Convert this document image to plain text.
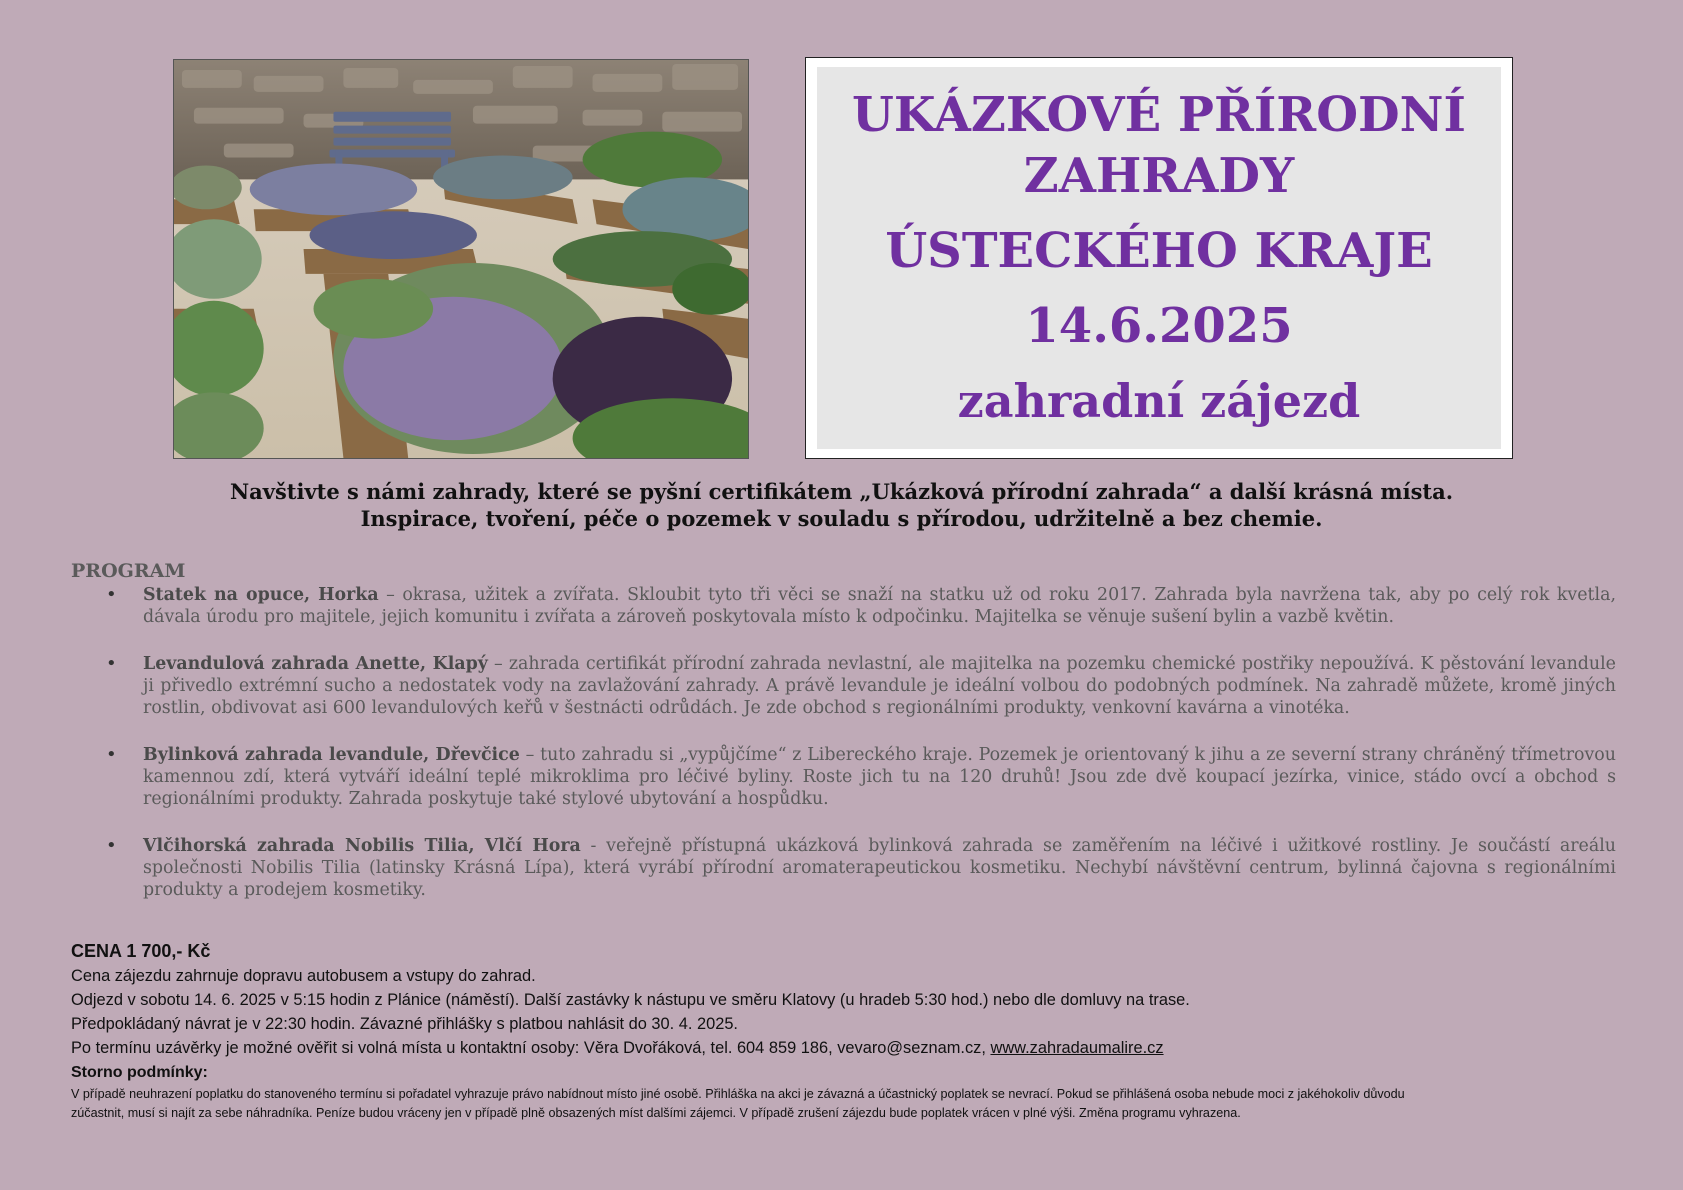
UKÁZKOVÉ PŘÍRODNÍ
ZAHRADY
ÚSTECKÉHO KRAJE
14.6.2025
zahradní zájezd
Navštivte s námi zahrady, které se pyšní certifikátem „Ukázková přírodní zahrada“ a další krásná místa.
Inspirace, tvoření, péče o pozemek v souladu s přírodou, udržitelně a bez chemie.
PROGRAM
• Statek na opuce, Horka – okrasa, užitek a zvířata. Skloubit tyto tři věci se snaží na statku už od roku 2017. Zahrada byla navržena tak, aby po celý rok kvetla, dávala úrodu pro majitele, jejich komunitu i zvířata a zároveň poskytovala místo k odpočinku. Majitelka se věnuje sušení bylin a vazbě květin.
• Levandulová zahrada Anette, Klapý – zahrada certifikát přírodní zahrada nevlastní, ale majitelka na pozemku chemické postřiky nepoužívá. K pěstování levandule ji přivedlo extrémní sucho a nedostatek vody na zavlažování zahrady. A právě levandule je ideální volbou do podobných podmínek. Na zahradě můžete, kromě jiných rostlin, obdivovat asi 600 levandulových keřů v šestnácti odrůdách. Je zde obchod s regionálními produkty, venkovní kavárna a vinotéka.
• Bylinková zahrada levandule, Dřevčice – tuto zahradu si „vypůjčíme“ z Libereckého kraje. Pozemek je orientovaný k jihu a ze severní strany chráněný třímetrovou kamennou zdí, která vytváří ideální teplé mikroklima pro léčivé byliny. Roste jich tu na 120 druhů! Jsou zde dvě koupací jezírka, vinice, stádo ovcí a obchod s regionálními produkty. Zahrada poskytuje také stylové ubytování a hospůdku.
• Vlčihorská zahrada Nobilis Tilia, Vlčí Hora - veřejně přístupná ukázková bylinková zahrada se zaměřením na léčivé i užitkové rostliny. Je součástí areálu společnosti Nobilis Tilia (latinsky Krásná Lípa), která vyrábí přírodní aromaterapeutickou kosmetiku. Nechybí návštěvní centrum, bylinná čajovna s regionálními produkty a prodejem kosmetiky.
CENA 1 700,- Kč
Cena zájezdu zahrnuje dopravu autobusem a vstupy do zahrad.
Odjezd v sobotu 14. 6. 2025 v 5:15 hodin z Plánice (náměstí). Další zastávky k nástupu ve směru Klatovy (u hradeb 5:30 hod.) nebo dle domluvy na trase.
Předpokládaný návrat je v 22:30 hodin. Závazné přihlášky s platbou nahlásit do 30. 4. 2025.
Po termínu uzávěrky je možné ověřit si volná místa u kontaktní osoby: Věra Dvořáková, tel. 604 859 186, vevaro@seznam.cz, www.zahradaumalire.cz
Storno podmínky:
V případě neuhrazení poplatku do stanoveného termínu si pořadatel vyhrazuje právo nabídnout místo jiné osobě. Přihláška na akci je závazná a účastnický poplatek se nevrací. Pokud se přihlášená osoba nebude moci z jakéhokoliv důvodu
zúčastnit, musí si najít za sebe náhradníka. Peníze budou vráceny jen v případě plně obsazených míst dalšími zájemci. V případě zrušení zájezdu bude poplatek vrácen v plné výši. Změna programu vyhrazena.
